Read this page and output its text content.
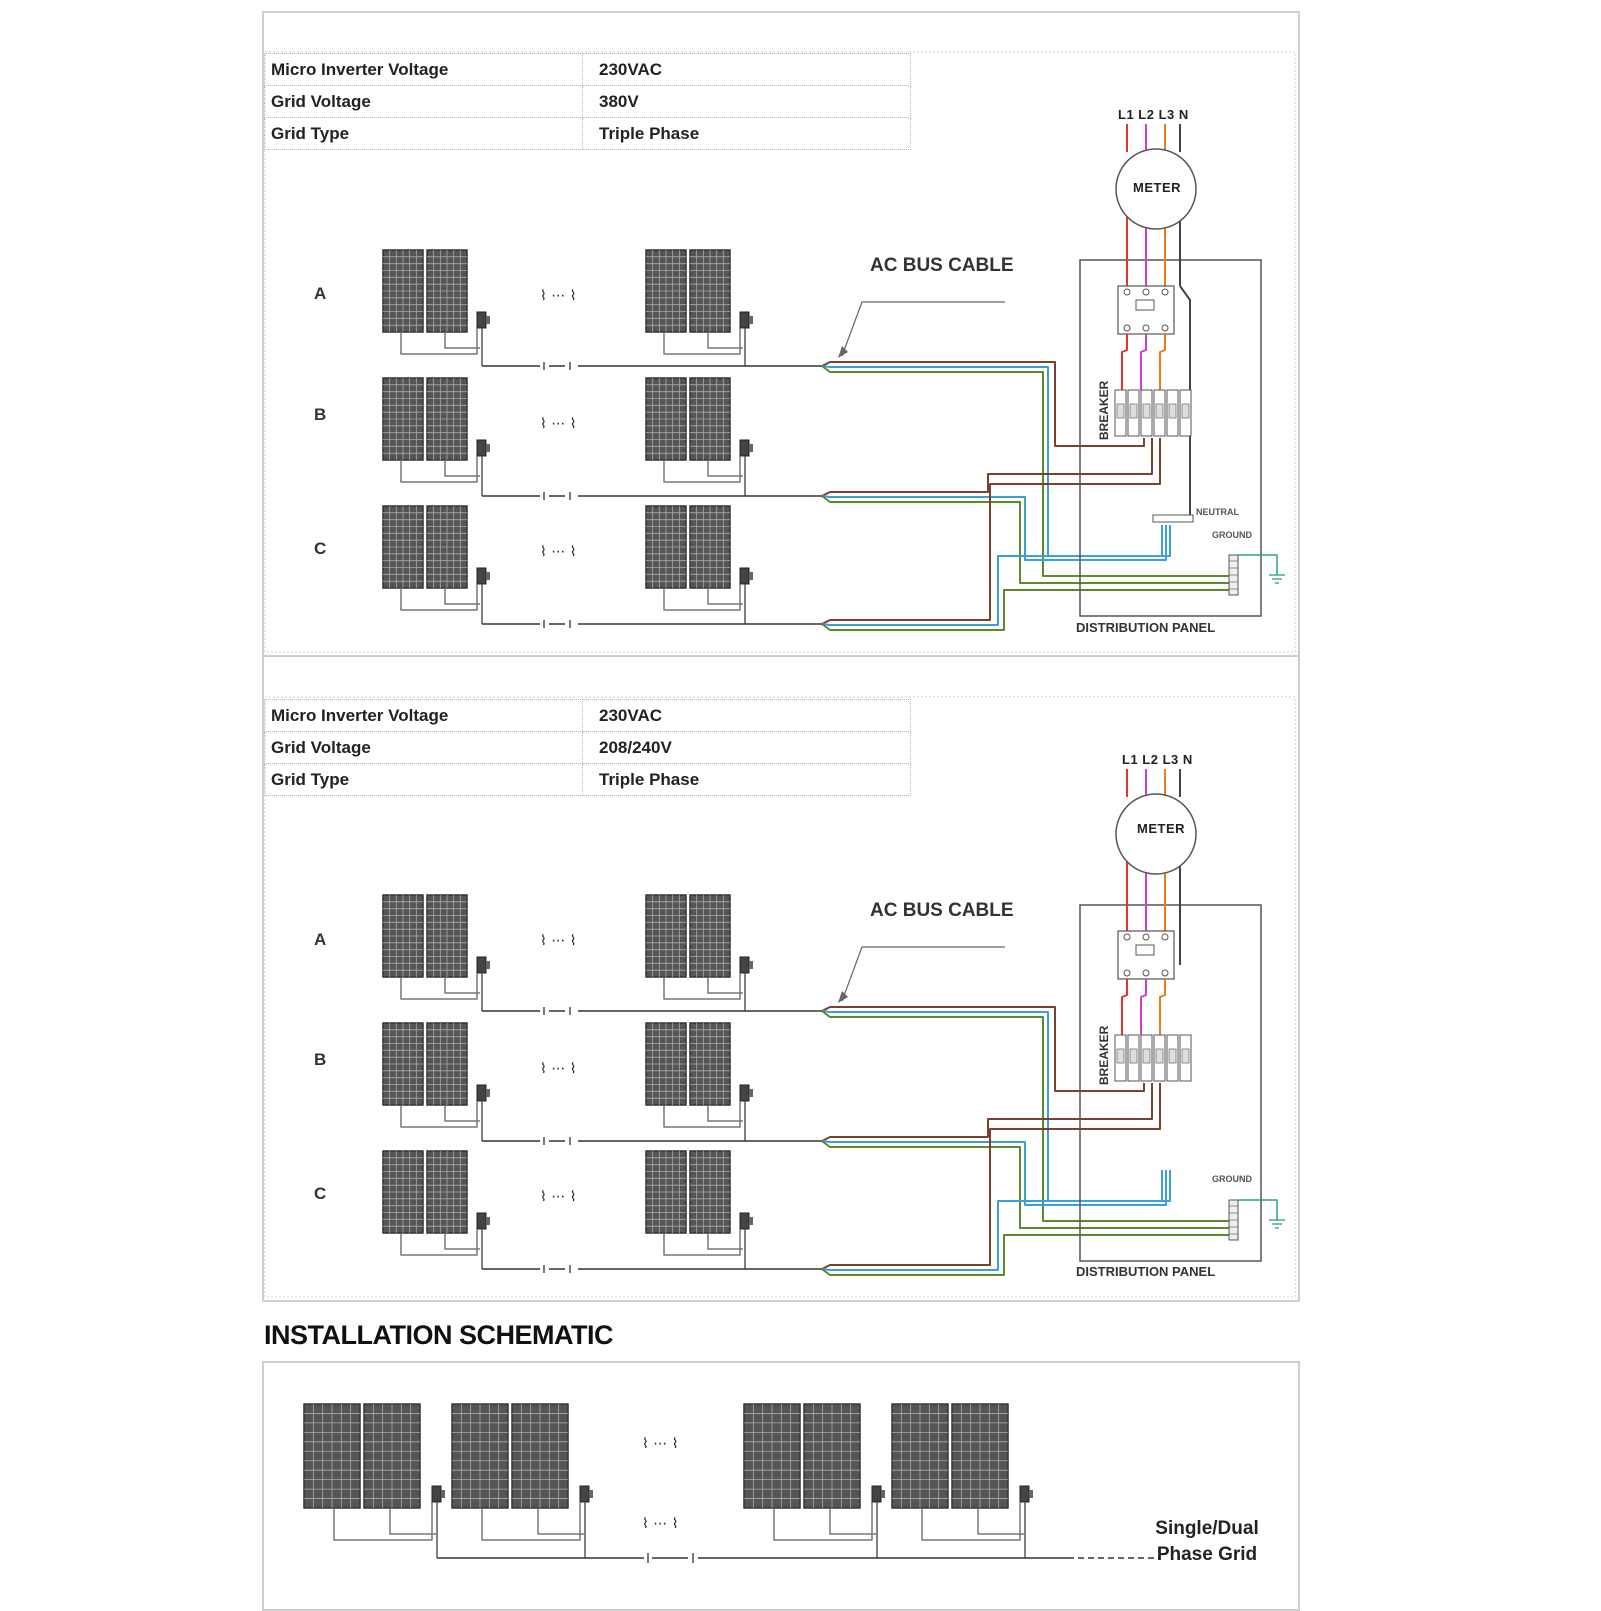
⌇ ⋯ ⌇
⌇ ⋯ ⌇
⌇ ⋯ ⌇
⌇ ⋯ ⌇
⌇ ⋯ ⌇
⌇ ⋯ ⌇
⌇ ⋯ ⌇
⌇ ⋯ ⌇
Micro Inverter Voltage	230VAC
Grid Voltage	380V
Grid Type	Triple Phase
Micro Inverter Voltage	230VAC
Grid Voltage	208/240V
Grid Type	Triple Phase
A
B
C
AC BUS CABLE
L1 L2 L3 N
METER
BREAKER
NEUTRAL
GROUND
DISTRIBUTION PANEL
A
B
C
AC BUS CABLE
L1 L2 L3 N
METER
BREAKER
GROUND
DISTRIBUTION PANEL
INSTALLATION SCHEMATIC
Single/Dual
Phase Grid
